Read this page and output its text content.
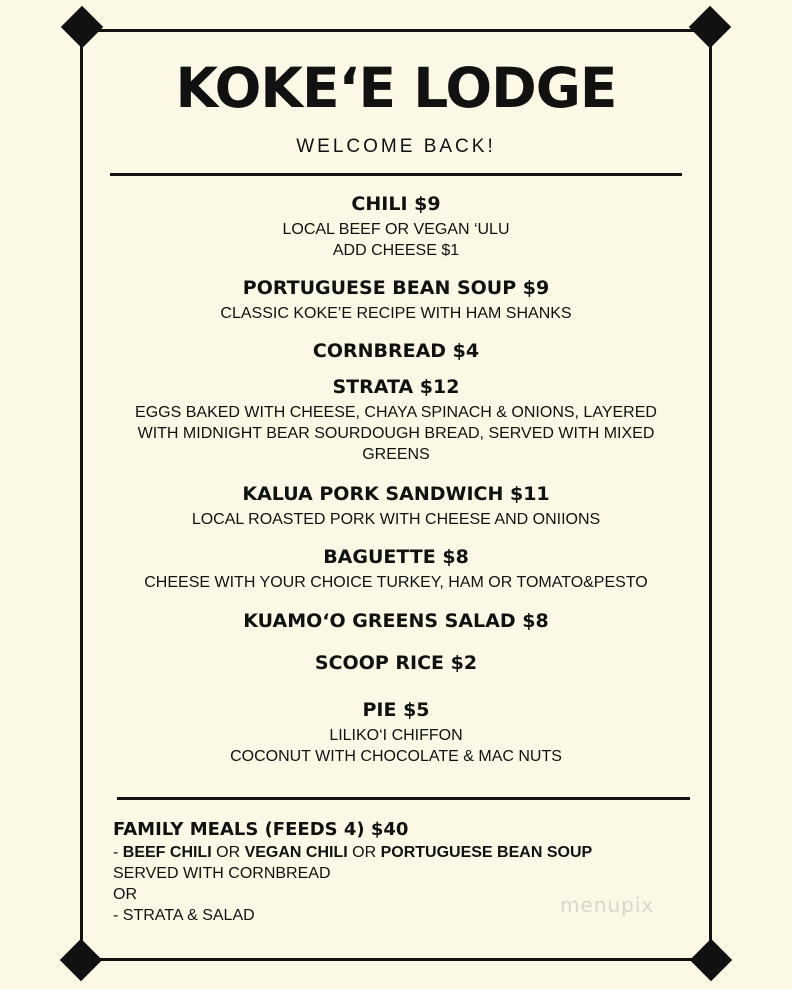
KOKE‘E LODGE
WELCOME BACK!
CHILI $9
LOCAL BEEF OR VEGAN ‘ULU
ADD CHEESE $1
PORTUGUESE BEAN SOUP $9
CLASSIC KOKE’E RECIPE WITH HAM SHANKS
CORNBREAD $4
STRATA $12
EGGS BAKED WITH CHEESE, CHAYA SPINACH & ONIONS, LAYERED
WITH MIDNIGHT BEAR SOURDOUGH BREAD, SERVED WITH MIXED
GREENS
KALUA PORK SANDWICH $11
LOCAL ROASTED PORK WITH CHEESE AND ONIIONS
BAGUETTE $8
CHEESE WITH YOUR CHOICE TURKEY, HAM OR TOMATO&PESTO
KUAMO‘O GREENS SALAD $8
SCOOP RICE $2
PIE $5
LILIKO‘I CHIFFON
COCONUT WITH CHOCOLATE & MAC NUTS
FAMILY MEALS (FEEDS 4) $40
- BEEF CHILI OR VEGAN CHILI OR PORTUGUESE BEAN SOUP
SERVED WITH CORNBREAD
OR
- STRATA & SALAD	menupix
